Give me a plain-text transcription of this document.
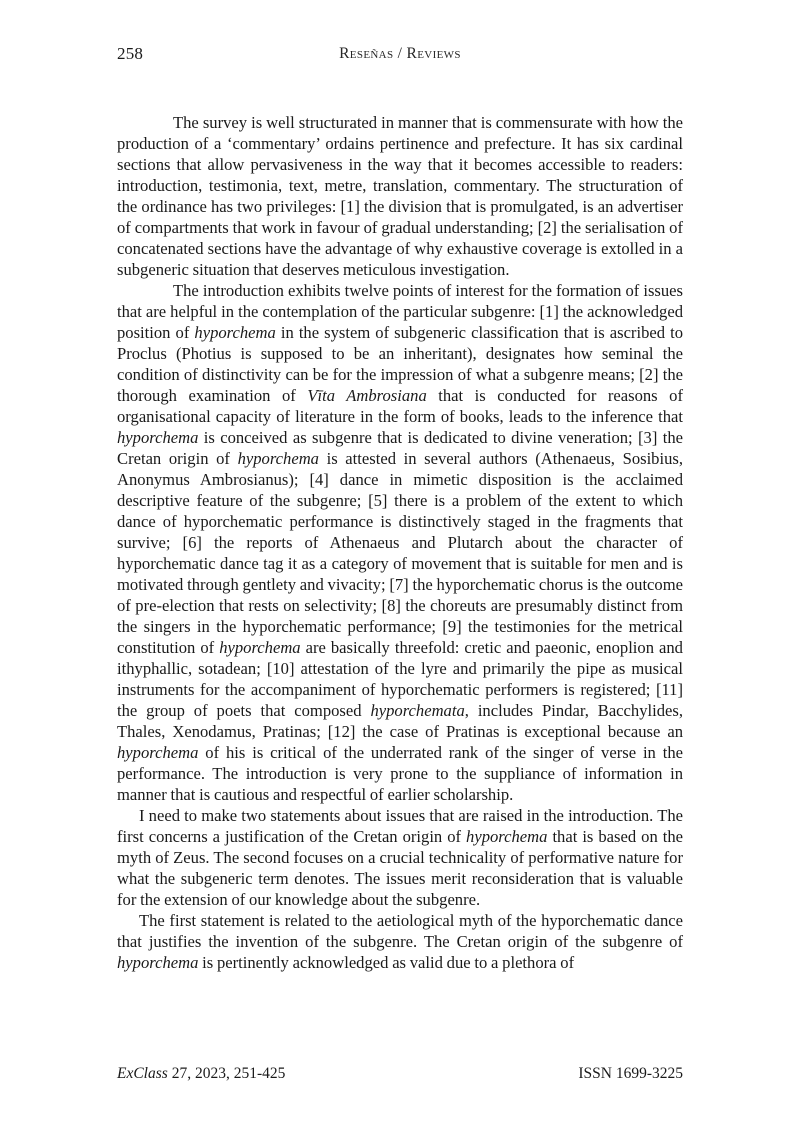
258	Reseñas / Reviews

The survey is well structurated in manner that is commensurate with how the production of a ‘commentary’ ordains pertinence and prefecture. It has six cardinal sections that allow pervasiveness in the way that it becomes accessible to readers: introduction, testimonia, text, metre, translation, commentary. The structuration of the ordinance has two privileges: [1] the division that is promulgated, is an advertiser of compartments that work in favour of gradual understanding; [2] the serialisation of concatenated sections have the advantage of why exhaustive coverage is extolled in a subgeneric situation that deserves meticulous investigation.

The introduction exhibits twelve points of interest for the formation of issues that are helpful in the contemplation of the particular subgenre: [1] the acknowledged position of hyporchema in the system of subgeneric classification that is ascribed to Proclus (Photius is supposed to be an inheritant), designates how seminal the condition of distinctivity can be for the impression of what a subgenre means; [2] the thorough examination of Vīta Ambrosiana that is conducted for reasons of organisational capacity of literature in the form of books, leads to the inference that hyporchema is conceived as subgenre that is dedicated to divine veneration; [3] the Cretan origin of hyporchema is attested in several authors (Athenaeus, Sosibius, Anonymus Ambrosianus); [4] dance in mimetic disposition is the acclaimed descriptive feature of the subgenre; [5] there is a problem of the extent to which dance of hyporchematic performance is distinctively staged in the fragments that survive; [6] the reports of Athenaeus and Plutarch about the character of hyporchematic dance tag it as a category of movement that is suitable for men and is motivated through gentlety and vivacity; [7] the hyporchematic chorus is the outcome of pre-election that rests on selectivity; [8] the choreuts are presumably distinct from the singers in the hyporchematic performance; [9] the testimonies for the metrical constitution of hyporchema are basically threefold: cretic and paeonic, enoplion and ithyphallic, sotadean; [10] attestation of the lyre and primarily the pipe as musical instruments for the accompaniment of hyporchematic performers is registered; [11] the group of poets that composed hyporchemata, includes Pindar, Bacchylides, Thales, Xenodamus, Pratinas; [12] the case of Pratinas is exceptional because an hyporchema of his is critical of the underrated rank of the singer of verse in the performance. The introduction is very prone to the suppliance of information in manner that is cautious and respectful of earlier scholarship.

I need to make two statements about issues that are raised in the introduction. The first concerns a justification of the Cretan origin of hyporchema that is based on the myth of Zeus. The second focuses on a crucial technicality of performative nature for what the subgeneric term denotes. The issues merit reconsideration that is valuable for the extension of our knowledge about the subgenre.

The first statement is related to the aetiological myth of the hyporchematic dance that justifies the invention of the subgenre. The Cretan origin of the subgenre of hyporchema is pertinently acknowledged as valid due to a plethora of

ExClass 27, 2023, 251-425	ISSN 1699-3225
